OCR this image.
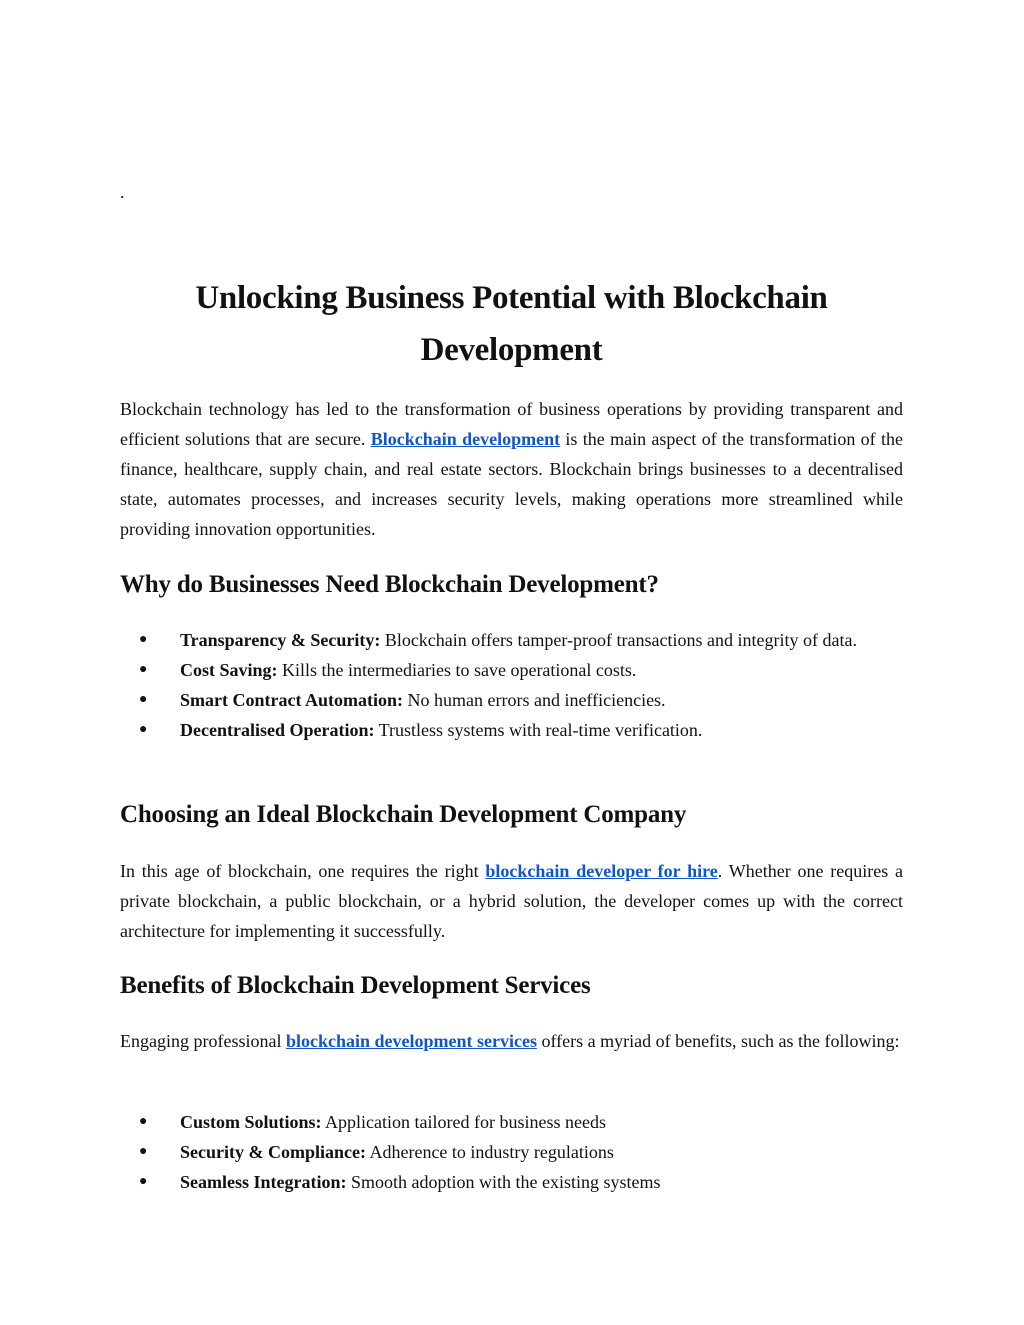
.
Unlocking Business Potential with Blockchain Development

Blockchain technology has led to the transformation of business operations by providing transparent and efficient solutions that are secure. Blockchain development is the main aspect of the transformation of the finance, healthcare, supply chain, and real estate sectors. Blockchain brings businesses to a decentralised state, automates processes, and increases security levels, making operations more streamlined while providing innovation opportunities.

Why do Businesses Need Blockchain Development?
● Transparency & Security: Blockchain offers tamper-proof transactions and integrity of data.
● Cost Saving: Kills the intermediaries to save operational costs.
● Smart Contract Automation: No human errors and inefficiencies.
● Decentralised Operation: Trustless systems with real-time verification.
Choosing an Ideal Blockchain Development Company

In this age of blockchain, one requires the right blockchain developer for hire. Whether one requires a private blockchain, a public blockchain, or a hybrid solution, the developer comes up with the correct architecture for implementing it successfully.

Benefits of Blockchain Development Services

Engaging professional blockchain development services offers a myriad of benefits, such as the following:

● Custom Solutions: Application tailored for business needs
● Security & Compliance: Adherence to industry regulations
● Seamless Integration: Smooth adoption with the existing systems
